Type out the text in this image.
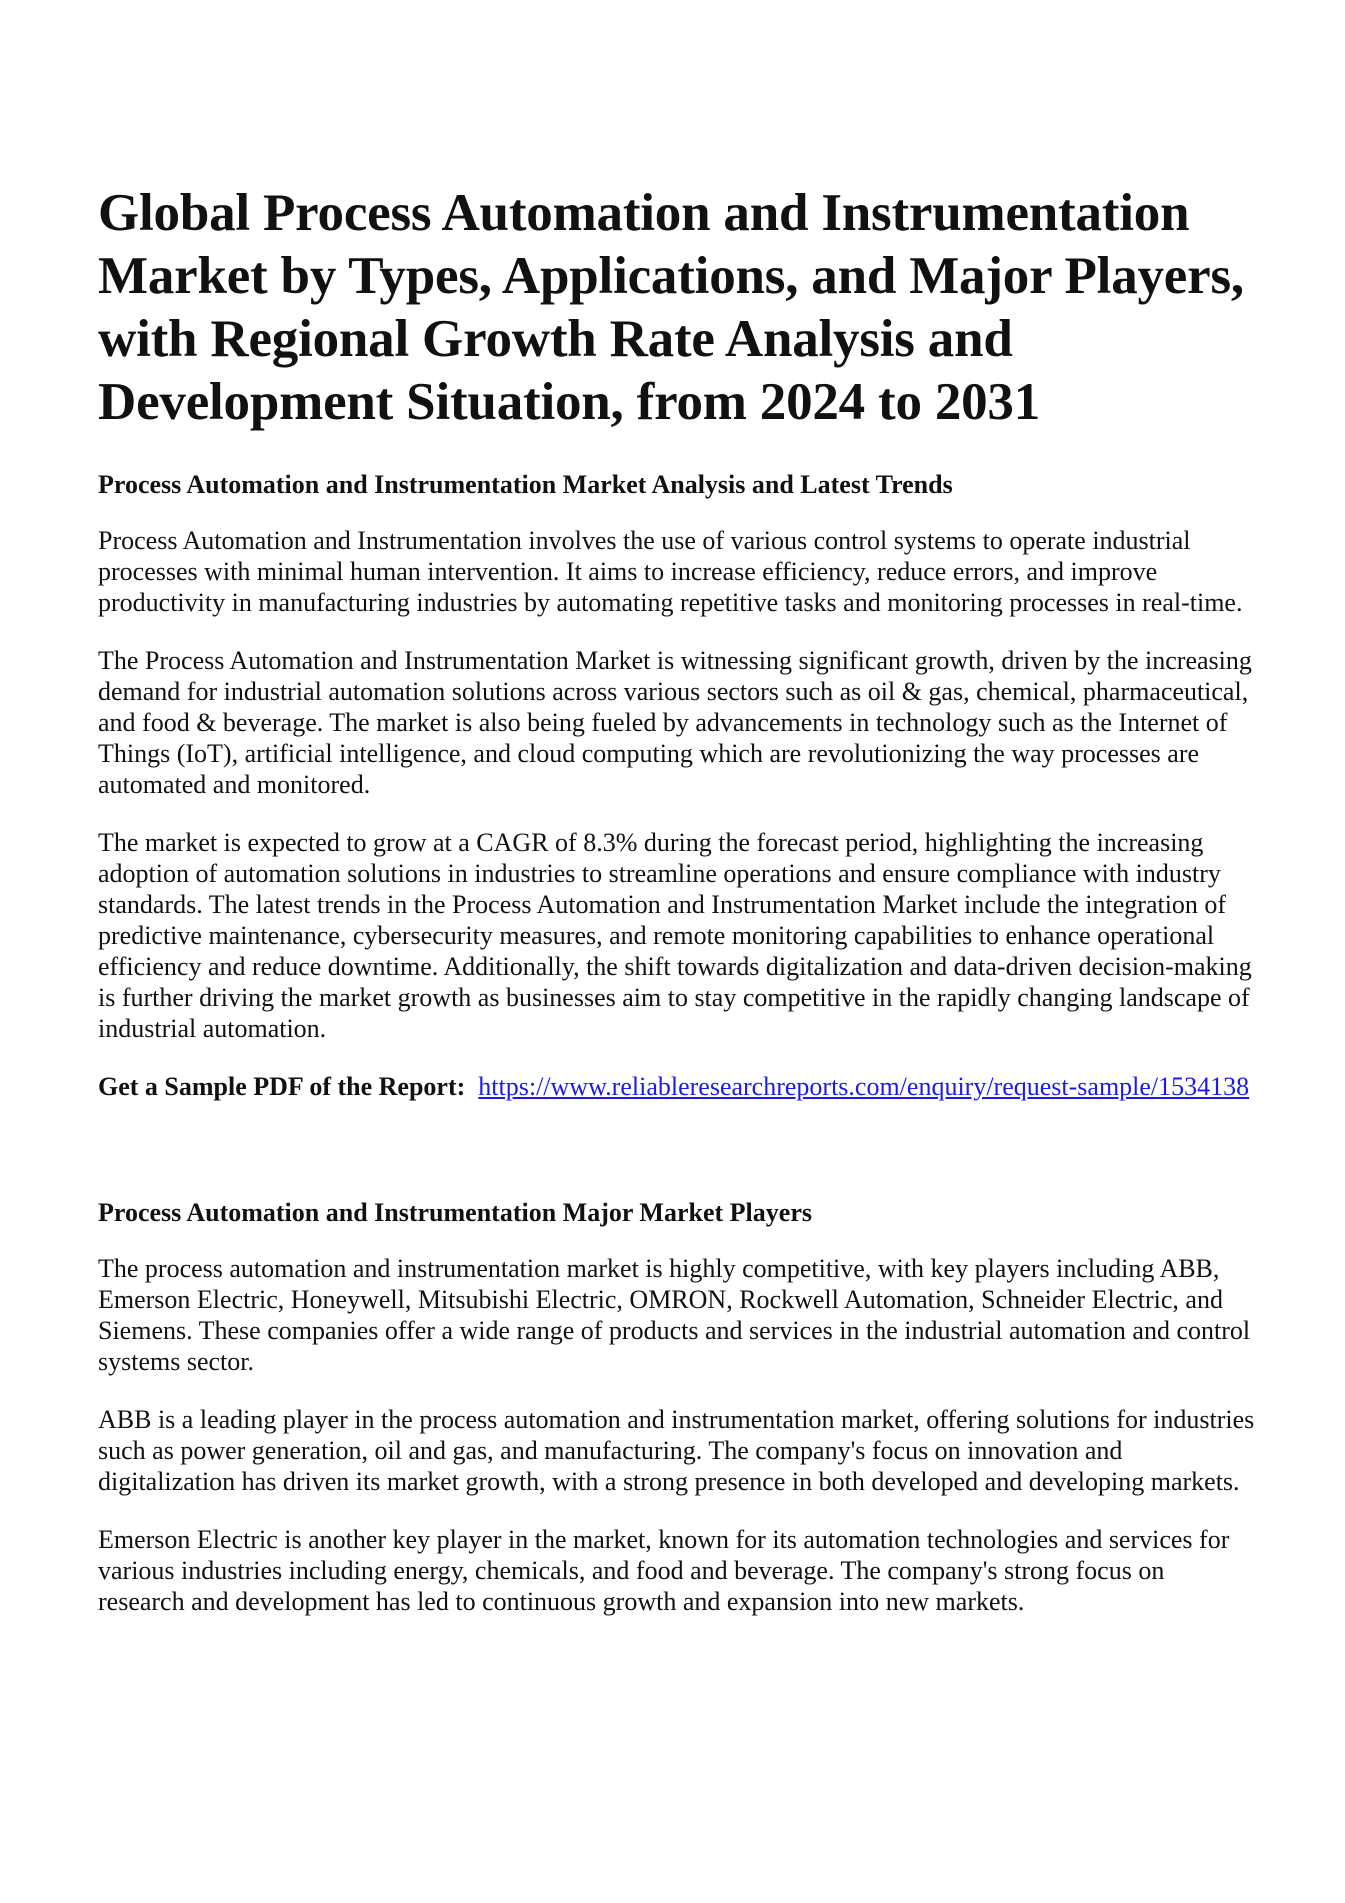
Global Process Automation and Instrumentation Market by Types, Applications, and Major Players, with Regional Growth Rate Analysis and Development Situation, from 2024 to 2031
Process Automation and Instrumentation Market Analysis and Latest Trends

Process Automation and Instrumentation involves the use of various control systems to operate industrial processes with minimal human intervention. It aims to increase efficiency, reduce errors, and improve productivity in manufacturing industries by automating repetitive tasks and monitoring processes in real-time.

The Process Automation and Instrumentation Market is witnessing significant growth, driven by the increasing demand for industrial automation solutions across various sectors such as oil & gas, chemical, pharmaceutical, and food & beverage. The market is also being fueled by advancements in technology such as the Internet of Things (IoT), artificial intelligence, and cloud computing which are revolutionizing the way processes are automated and monitored.

The market is expected to grow at a CAGR of 8.3% during the forecast period, highlighting the increasing adoption of automation solutions in industries to streamline operations and ensure compliance with industry standards. The latest trends in the Process Automation and Instrumentation Market include the integration of predictive maintenance, cybersecurity measures, and remote monitoring capabilities to enhance operational efficiency and reduce downtime. Additionally, the shift towards digitalization and data-driven decision-making is further driving the market growth as businesses aim to stay competitive in the rapidly changing landscape of industrial automation.

Get a Sample PDF of the Report: https://www.reliableresearchreports.com/enquiry/request-sample/1534138
Process Automation and Instrumentation Major Market Players

The process automation and instrumentation market is highly competitive, with key players including ABB, Emerson Electric, Honeywell, Mitsubishi Electric, OMRON, Rockwell Automation, Schneider Electric, and Siemens. These companies offer a wide range of products and services in the industrial automation and control systems sector.

ABB is a leading player in the process automation and instrumentation market, offering solutions for industries such as power generation, oil and gas, and manufacturing. The company's focus on innovation and digitalization has driven its market growth, with a strong presence in both developed and developing markets.

Emerson Electric is another key player in the market, known for its automation technologies and services for various industries including energy, chemicals, and food and beverage. The company's strong focus on research and development has led to continuous growth and expansion into new markets.
